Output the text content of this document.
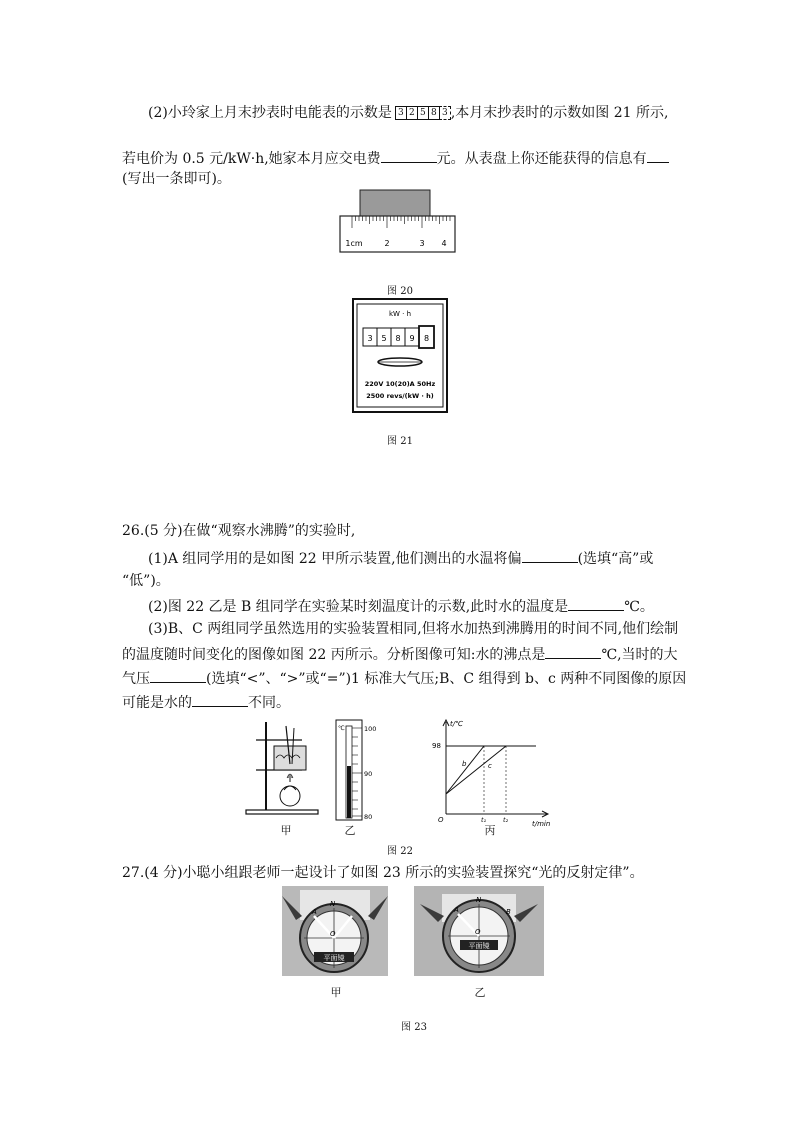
(2)小玲家上月末抄表时电能表的示数是 3 2 5 8 3 ,本月末抄表时的示数如图 21 所示,
若电价为 0.5 元/kW·h,她家本月应交电费	元。从表盘上你还能获得的信息有
(写出一条即可)。
1cm	2	3 4
图 20
kW · h
3 5 8 9 8
220V 10(20)A 50Hz
2500 revs/(kW · h)
图 21
26.(5 分)在做“观察水沸腾”的实验时,
(1)A 组同学用的是如图 22 甲所示装置,他们测出的水温将偏	(选填“高”或
“低”)。
(2)图 22 乙是 B 组同学在实验某时刻温度计的示数,此时水的温度是	℃。
(3)B、C 两组同学虽然选用的实验装置相同,但将水加热到沸腾用的时间不同,他们绘制
的温度随时间变化的图像如图 22 丙所示。分析图像可知:水的沸点是	℃,当时的大
气压	(选填“<”、“>”或“=”)1 标准大气压;B、C 组得到 b、c 两种不同图像的原因
可能是水的	不同。
甲
℃	100
90
80
乙
t/℃
t/min
O
98
b	c
t₁	t₂
丙
图 22
27.(4 分)小聪小组跟老师一起设计了如图 23 所示的实验装置探究“光的反射定律”。
平面镜
A
N
O
甲
平面镜
A
N
B
O
乙
图 23
